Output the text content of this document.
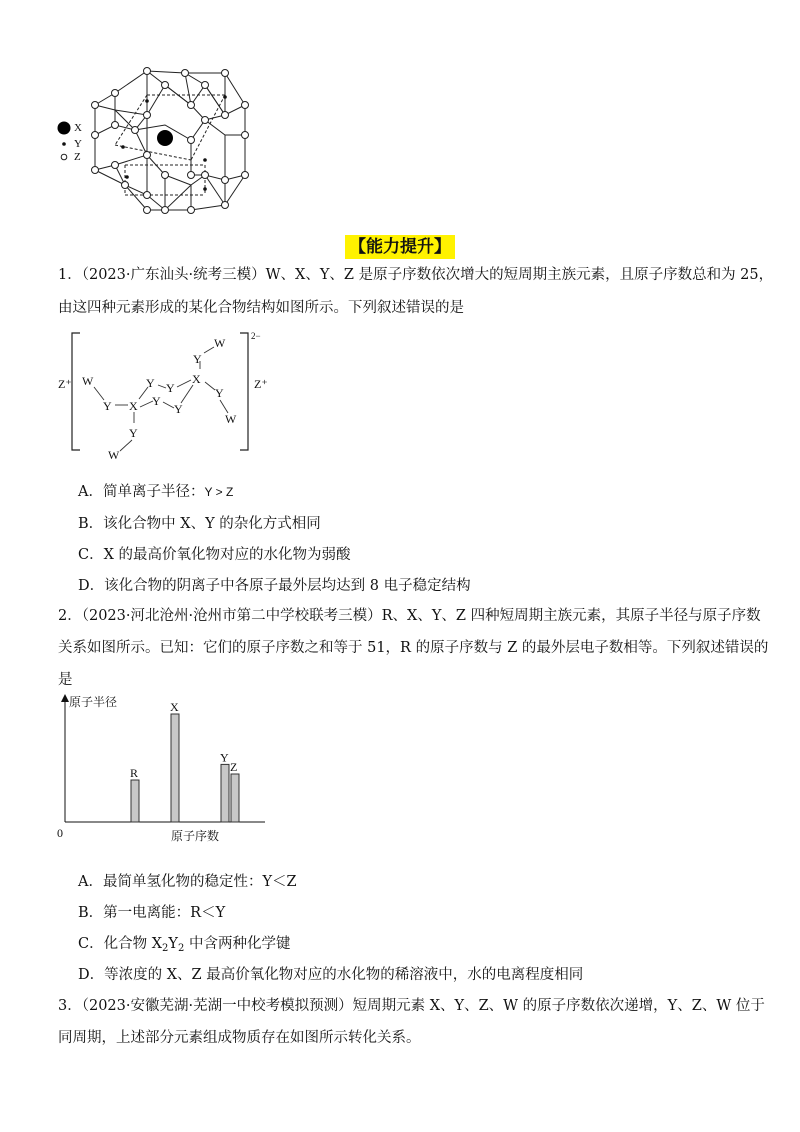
X
Y
Z
【能力提升】
1．（2023·广东汕头·统考三模）W、X、Y、Z 是原子序数依次增大的短周期主族元素，且原子序数总和为 25，
由这四种元素形成的某化合物结构如图所示。下列叙述错误的是
W
Y X
Y
Y
Y
Y
X
Y
W
Y
W
Y
W
2−
Z⁺	Z⁺
A．简单离子半径：Y > Z
B．该化合物中 X、Y 的杂化方式相同
C．X 的最高价氧化物对应的水化物为弱酸
D．该化合物的阴离子中各原子最外层均达到 8 电子稳定结构
2．（2023·河北沧州·沧州市第二中学校联考三模）R、X、Y、Z 四种短周期主族元素，其原子半径与原子序数
关系如图所示。已知：它们的原子序数之和等于 51，R 的原子序数与 Z 的最外层电子数相等。下列叙述错误的
是
原子半径
原子序数
0
R
X
Y
Z
A．最简单氢化物的稳定性：Y＜Z
B．第一电离能：R＜Y
C．化合物 $X_2Y_2$ 中含两种化学键
D．等浓度的 X、Z 最高价氧化物对应的水化物的稀溶液中，水的电离程度相同
3．（2023·安徽芜湖·芜湖一中校考模拟预测）短周期元素 X、Y、Z、W 的原子序数依次递增，Y、Z、W 位于
同周期，上述部分元素组成物质存在如图所示转化关系。
